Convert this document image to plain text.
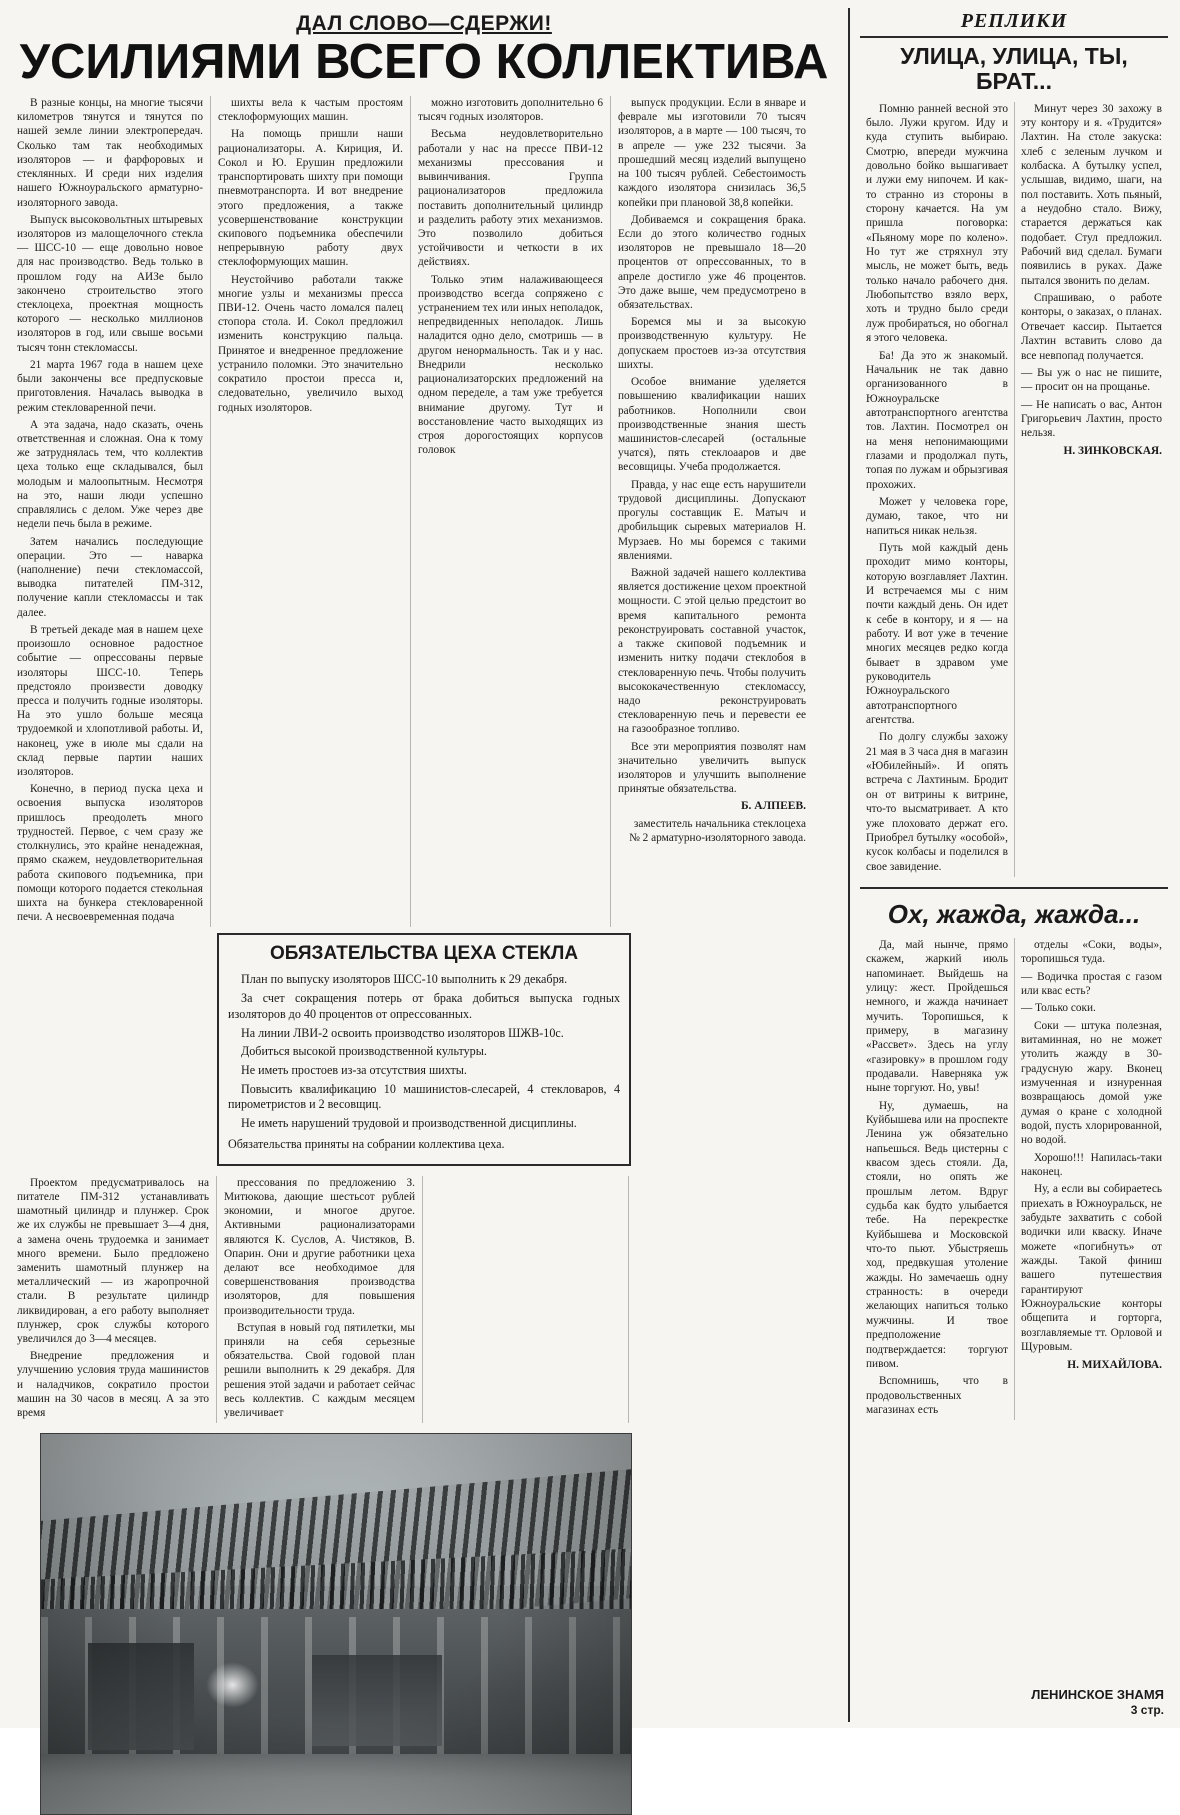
ДАЛ СЛОВО—СДЕРЖИ!
УСИЛИЯМИ ВСЕГО КОЛЛЕКТИВА

В разные концы, на многие тысячи километров тянутся и тянутся по нашей земле линии электропередач. Сколько там так необходимых изоляторов — и фарфоровых и стеклянных. И среди них изделия нашего Южноуральского арматурно-изоляторного завода.

Выпуск высоковольтных штыревых изоляторов из малощелочного стекла — ШСС-10 — еще довольно новое для нас производство. Ведь только в прошлом году на АИЗе было закончено строительство этого стеклоцеха, проектная мощность которого — несколько миллионов изоляторов в год, или свыше восьми тысяч тонн стекломассы.

21 марта 1967 года в нашем цехе были закончены все предпусковые приготовления. Началась выводка в режим стекловаренной печи.

А эта задача, надо сказать, очень ответственная и сложная. Она к тому же затруднялась тем, что коллектив цеха только еще складывался, был молодым и малоопытным. Несмотря на это, наши люди успешно справлялись с делом. Уже через две недели печь была в режиме.

Затем начались последующие операции. Это — наварка (наполнение) печи стекломассой, выводка питателей ПМ-312, получение капли стекломассы и так далее.

В третьей декаде мая в нашем цехе произошло основное радостное событие — опрессованы первые изоляторы ШСС-10. Теперь предстояло произвести доводку пресса и получить годные изоляторы. На это ушло больше месяца трудоемкой и хлопотливой работы. И, наконец, уже в июле мы сдали на склад первые партии наших изоляторов.

Конечно, в период пуска цеха и освоения выпуска изоляторов пришлось преодолеть много трудностей. Первое, с чем сразу же столкнулись, это крайне ненадежная, прямо скажем, неудовлетворительная работа скипового подъемника, при помощи которого подается стекольная шихта на бункера стекловаренной печи. А несвоевременная подача

шихты вела к частым простоям стеклоформующих машин.

На помощь пришли наши рационализаторы. А. Кириция, И. Сокол и Ю. Ерушин предложили транспортировать шихту при помощи пневмотранспорта. И вот внедрение этого предложения, а также усовершенствование конструкции скипового подъемника обеспечили непрерывную работу двух стеклоформующих машин.

Неустойчиво работали также многие узлы и механизмы пресса ПВИ-12. Очень часто ломался палец стопора стола. И. Сокол предложил изменить конструкцию пальца. Принятое и внедренное предложение устранило поломки. Это значительно сократило простои пресса и, следовательно, увеличило выход годных изоляторов.

можно изготовить дополнительно 6 тысяч годных изоляторов.

Весьма неудовлетворительно работали у нас на прессе ПВИ-12 механизмы прессования и вывинчивания. Группа рационализаторов предложила поставить дополнительный цилиндр и разделить работу этих механизмов. Это позволило добиться устойчивости и четкости в их действиях.

Только этим налаживающееся производство всегда сопряжено с устранением тех или иных неполадок, непредвиденных неполадок. Лишь наладится одно дело, смотришь — в другом ненормальность. Так и у нас. Внедрили несколько рационализаторских предложений на одном переделе, а там уже требуется внимание другому. Тут и восстановление часто выходящих из строя дорогостоящих корпусов головок

выпуск продукции. Если в январе и феврале мы изготовили 70 тысяч изоляторов, а в марте — 100 тысяч, то в апреле — уже 232 тысячи. За прошедший месяц изделий выпущено на 100 тысяч рублей. Себестоимость каждого изолятора снизилась 36,5 копейки при плановой 38,8 копейки.

Добиваемся и сокращения брака. Если до этого количество годных изоляторов не превышало 18—20 процентов от опрессованных, то в апреле достигло уже 46 процентов. Это даже выше, чем предусмотрено в обязательствах.

Боремся мы и за высокую производственную культуру. Не допускаем простоев из-за отсутствия шихты.

Особое внимание уделяется повышению квалификации наших работников. Нополнили свои производственные знания шесть машинистов-слесарей (остальные учатся), пять стеклоааров и две весовщицы. Учеба продолжается.

Правда, у нас еще есть нарушители трудовой дисциплины. Допускают прогулы составщик Е. Матыч и дробильщик сыревых материалов Н. Мурзаев. Но мы боремся с такими явлениями.

Важной задачей нашего коллектива является достижение цехом проектной мощности. С этой целью предстоит во время капитального ремонта реконструировать составной участок, а также скиповой подъемник и изменить нитку подачи стеклобоя в стекловаренную печь. Чтобы получить высококачественную стекломассу, надо реконструировать стекловаренную печь и перевести ее на газообразное топливо.

Все эти мероприятия позволят нам значительно увеличить выпуск изоляторов и улучшить выполнение принятые обязательства.

Б. АЛПЕЕВ.

заместитель начальника стеклоцеха № 2 арматурно-изоляторного завода.

ОБЯЗАТЕЛЬСТВА ЦЕХА СТЕКЛА

План по выпуску изоляторов ШСС-10 выполнить к 29 декабря.

За счет сокращения потерь от брака добиться выпуска годных изоляторов до 40 процентов от опрессованных.

На линии ЛВИ-2 освоить производство изоляторов ШЖВ-10с.

Добиться высокой производственной культуры.

Не иметь простоев из-за отсутствия шихты.

Повысить квалификацию 10 машинистов-слесарей, 4 стекловаров, 4 пирометристов и 2 весовщиц.

Не иметь нарушений трудовой и производственной дисциплины.

Обязательства приняты на собрании коллектива цеха.

Проектом предусматривалось на питателе ПМ-312 устанавливать шамотный цилиндр и плунжер. Срок же их службы не превышает 3—4 дня, а замена очень трудоемка и занимает много времени. Было предложено заменить шамотный плунжер на металлический — из жаропрочной стали. В результате цилиндр ликвидирован, а его работу выполняет плунжер, срок службы которого увеличился до 3—4 месяцев.

Внедрение предложения и улучшению условия труда машинистов и наладчиков, сократило простои машин на 30 часов в месяц. А за это время

прессования по предложению З. Митюкова, дающие шестьсот рублей экономии, и многое другое. Активными рационализаторами являются К. Суслов, А. Чистяков, В. Опарин. Они и другие работники цеха делают все необходимое для совершенствования производства изоляторов, для повышения производительности труда.

Вступая в новый год пятилетки, мы приняли на себя серьезные обязательства. Свой годовой план решили выполнить к 29 декабря. Для решения этой задачи и работает сейчас весь коллектив. С каждым месяцем увеличивает

РЕПЛИКИ
УЛИЦА, УЛИЦА, ТЫ, БРАТ...

Помню ранней весной это было. Лужи кругом. Иду и куда ступить выбираю. Смотрю, впереди мужчина довольно бойко вышагивает и лужи ему нипочем. И как-то странно из стороны в сторону качается. На ум пришла поговорка: «Пьяному море по колено». Но тут же стряхнул эту мысль, не может быть, ведь только начало рабочего дня. Любопытство взяло верх, хоть и трудно было среди луж пробираться, но обогнал я этого человека.

Ба! Да это ж знакомый. Начальник не так давно организованного в Южноуральске автотранспортного агентства тов. Лахтин. Посмотрел он на меня непонимающими глазами и продолжал путь, топая по лужам и обрызгивая прохожих.

Может у человека горе, думаю, такое, что ни напиться никак нельзя.

Путь мой каждый день проходит мимо конторы, которую возглавляет Лахтин. И встречаемся мы с ним почти каждый день. Он идет к себе в контору, и я — на работу. И вот уже в течение многих месяцев редко когда бывает в здравом уме руководитель Южноуральского автотранспортного агентства.

По долгу службы захожу 21 мая в 3 часа дня в магазин «Юбилейный». И опять встреча с Лахтиным. Бродит он от витрины к витрине, что-то высматривает. А кто уже плоховато держат его. Приобрел бутылку «особой», кусок колбасы и поделился в свое завидение.

Минут через 30 захожу в эту контору и я. «Трудится» Лахтин. На столе закуска: хлеб с зеленым лучком и колбаска. А бутылку успел, услышав, видимо, шаги, на пол поставить. Хоть пьяный, а неудобно стало. Вижу, старается держаться как подобает. Стул предложил. Рабочий вид сделал. Бумаги появились в руках. Даже пытался звонить по делам.

Спрашиваю, о работе конторы, о заказах, о планах. Отвечает кассир. Пытается Лахтин вставить слово да все невпопад получается.

— Вы уж о нас не пишите, — просит он на прощанье.

— Не написать о вас, Антон Григорьевич Лахтин, просто нельзя.

Н. ЗИНКОВСКАЯ.

Ох, жажда, жажда...

Да, май нынче, прямо скажем, жаркий июль напоминает. Выйдешь на улицу: жест. Пройдешься немного, и жажда начинает мучить. Торопишься, к примеру, в магазину «Рассвет». Здесь на углу «газировку» в прошлом году продавали. Наверняка уж ныне торгуют. Но, увы!

Ну, думаешь, на Куйбышева или на проспекте Ленина уж обязательно напьешься. Ведь цистерны с квасом здесь стояли. Да, стояли, но опять же прошлым летом. Вдруг судьба как будто улыбается тебе. На перекрестке Куйбышева и Московской что-то пьют. Убыстряешь ход, предвкушая утоление жажды. Но замечаешь одну странность: в очереди желающих напиться только мужчины. И твое предположение подтверждается: торгуют пивом.

Вспомнишь, что в продовольственных магазинах есть

отделы «Соки, воды», торопишься туда.

— Водичка простая с газом или квас есть?

— Только соки.

Соки — штука полезная, витаминная, но не может утолить жажду в 30-градусную жару. Вконец измученная и изнуренная возвращаюсь домой уже думая о кране с холодной водой, пусть хлорированной, но водой.

Хорошо!!! Напилась-таки наконец.

Ну, а если вы собираетесь приехать в Южноуральск, не забудьте захватить с собой водички или кваску. Иначе можете «погибнуть» от жажды. Такой финиш вашего путешествия гарантируют Южноуральские конторы общепита и горторга, возглавляемые тт. Орловой и Щуровым.

Н. МИХАЙЛОВА.

ЛЕНИНСКОЕ ЗНАМЯ
3 стр.
